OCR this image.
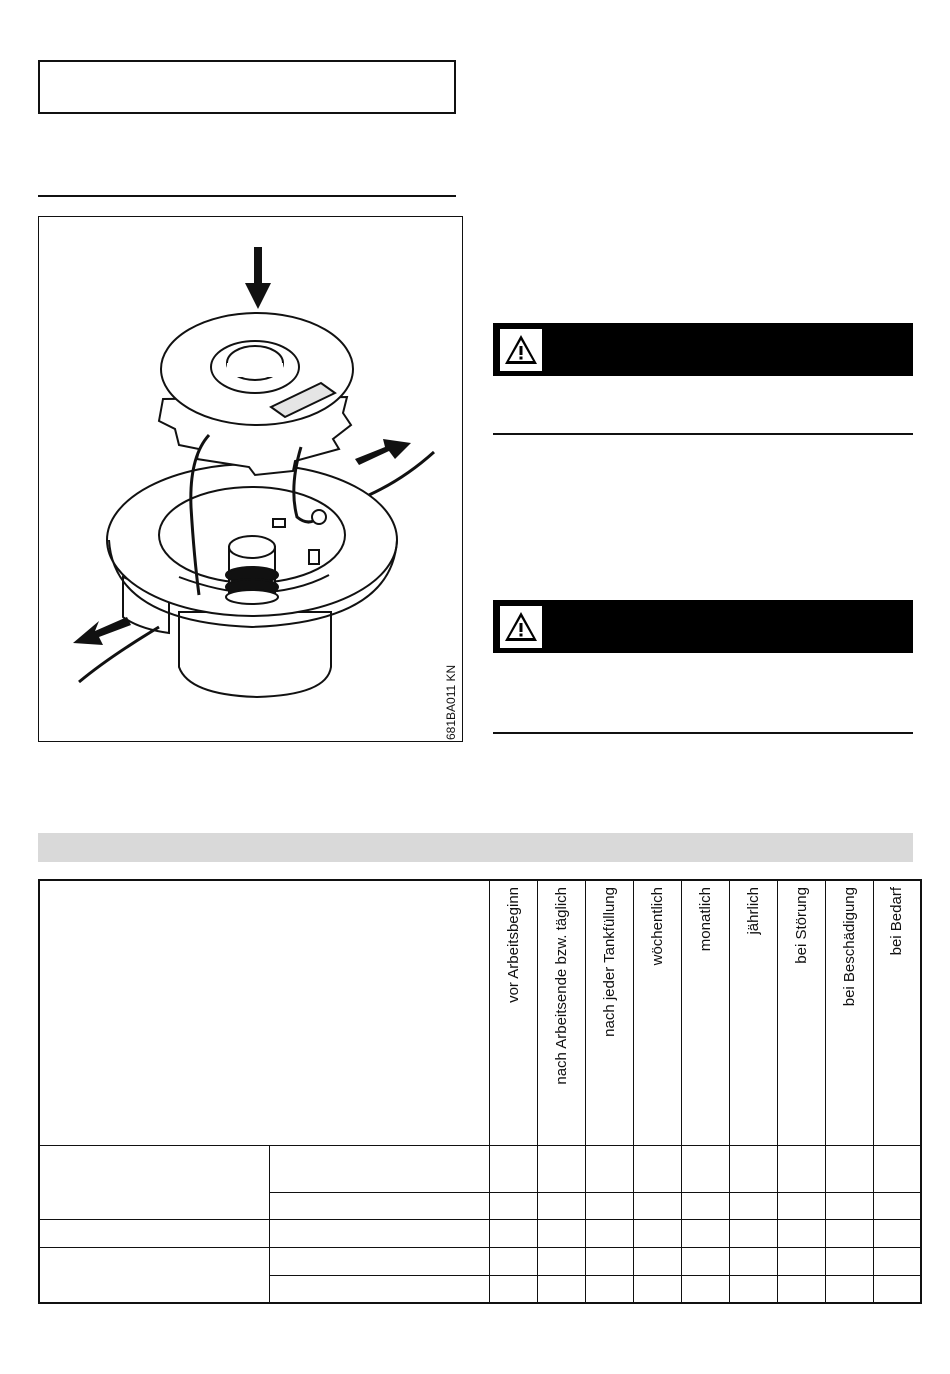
681BA011 KN

		vor Arbeitsbeginn	nach Arbeitsende bzw. täglich	nach jeder Tankfüllung	wöchentlich	monatlich	jährlich	bei Störung	bei Beschädigung	bei Bedarf
